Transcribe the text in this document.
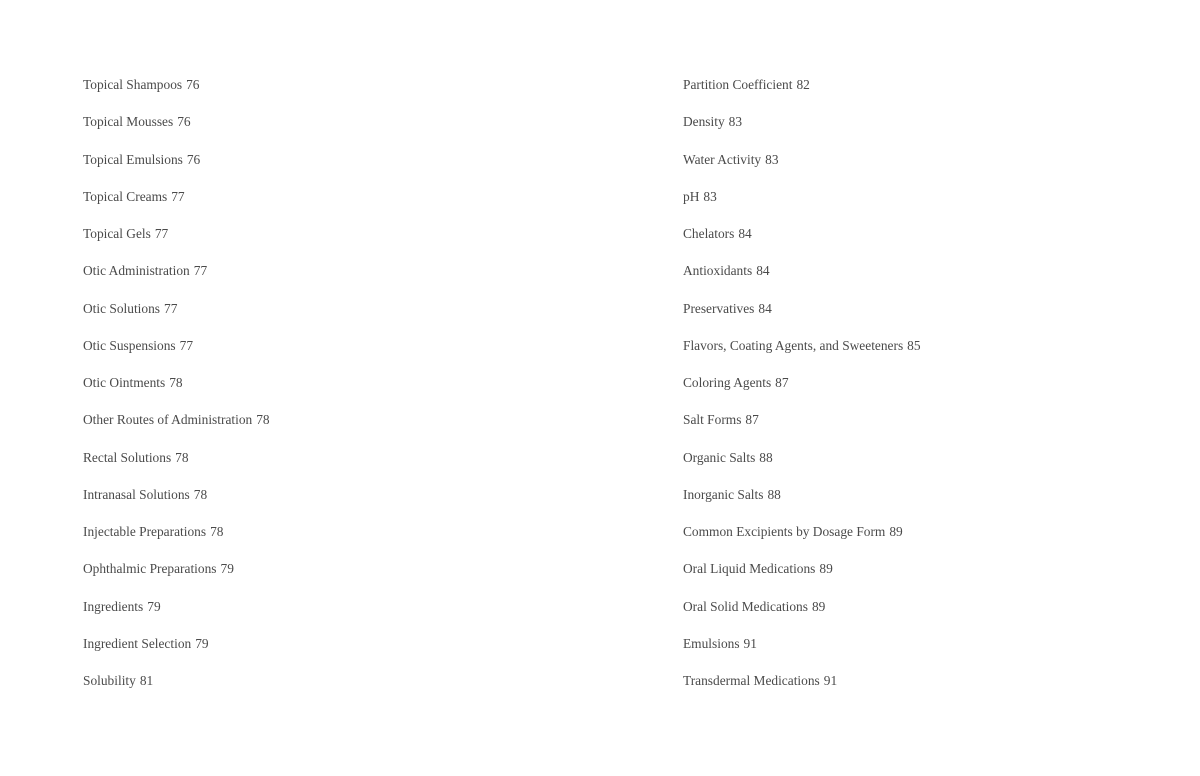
Topical Shampoos 76
Topical Mousses 76
Topical Emulsions 76
Topical Creams 77
Topical Gels 77
Otic Administration 77
Otic Solutions 77
Otic Suspensions 77
Otic Ointments 78
Other Routes of Administration 78
Rectal Solutions 78
Intranasal Solutions 78
Injectable Preparations 78
Ophthalmic Preparations 79
Ingredients 79
Ingredient Selection 79
Solubility 81
Partition Coefficient 82
Density 83
Water Activity 83
pH 83
Chelators 84
Antioxidants 84
Preservatives 84
Flavors, Coating Agents, and Sweeteners 85
Coloring Agents 87
Salt Forms 87
Organic Salts 88
Inorganic Salts 88
Common Excipients by Dosage Form 89
Oral Liquid Medications 89
Oral Solid Medications 89
Emulsions 91
Transdermal Medications 91
